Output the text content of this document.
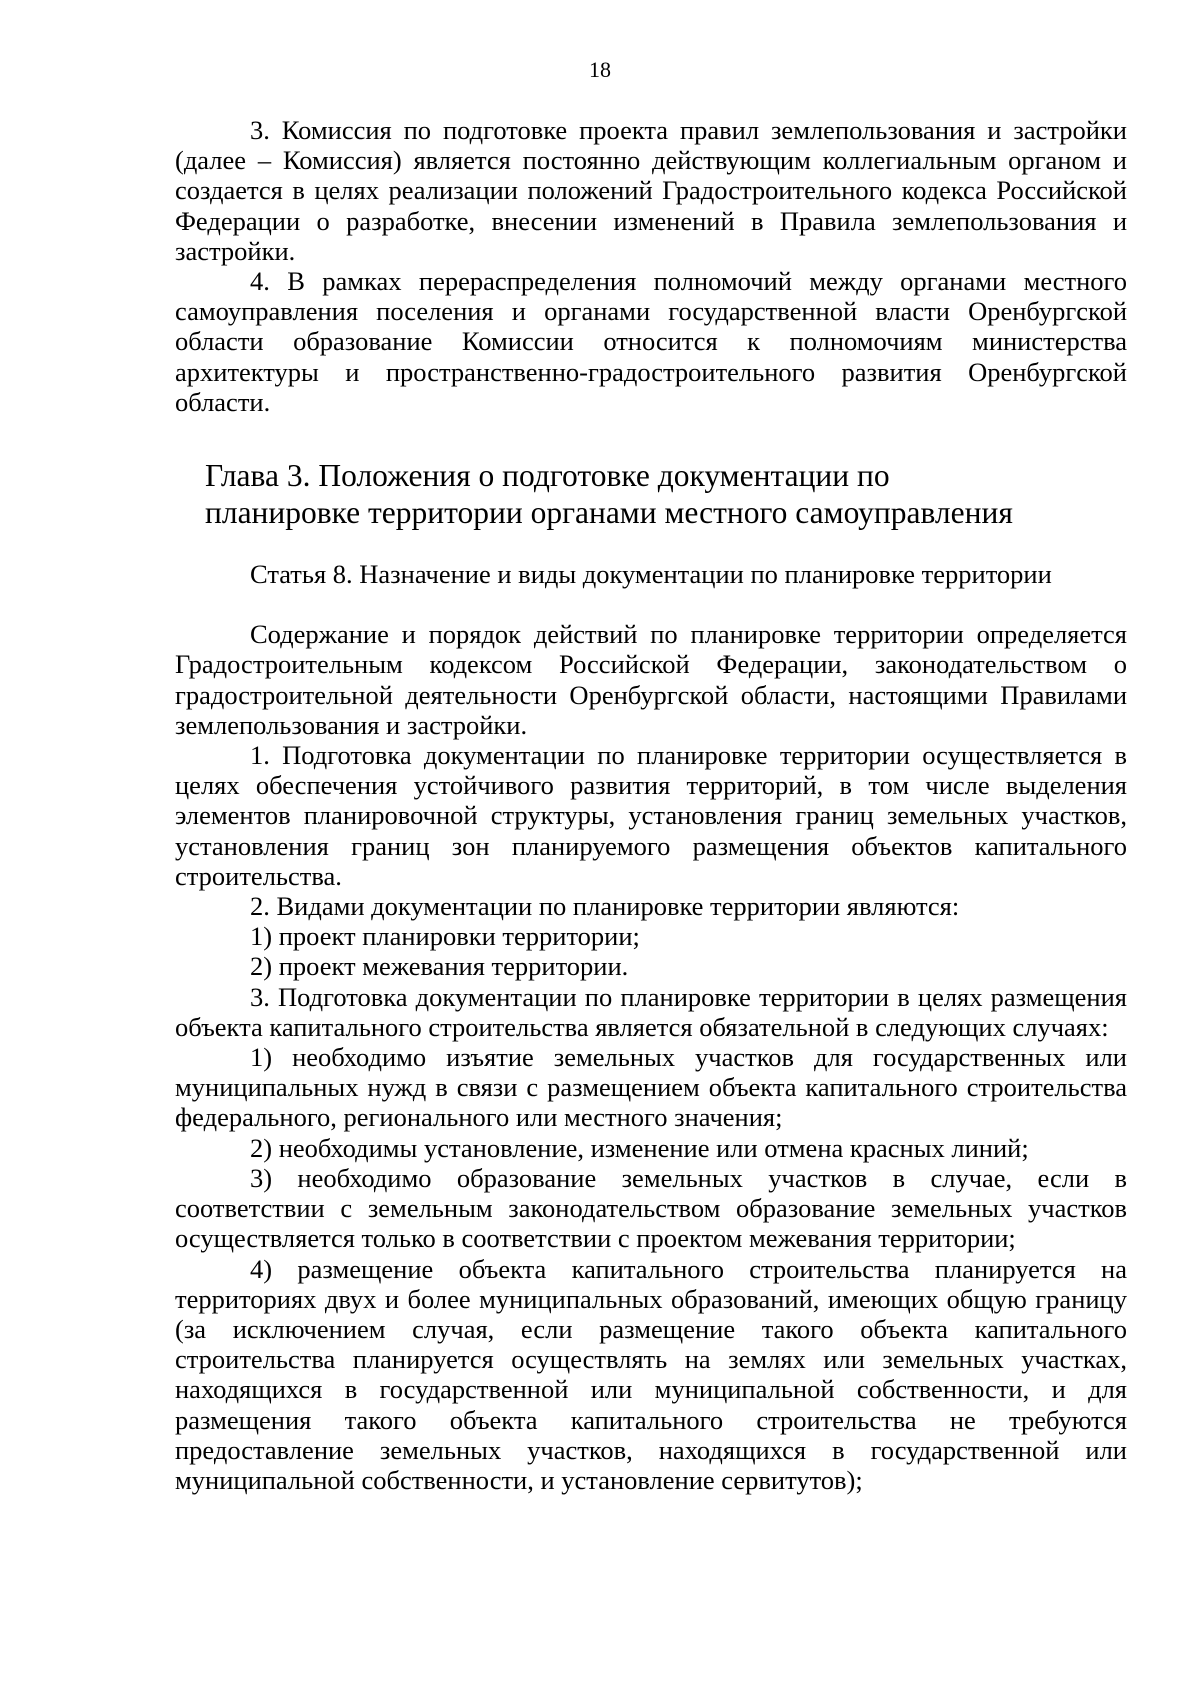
18

3. Комиссия по подготовке проекта правил землепользования и застройки (далее – Комиссия) является постоянно действующим коллегиальным органом и создается в целях реализации положений Градостроительного кодекса Российской Федерации о разработке, внесении изменений в Правила землепользования и застройки.

4. В рамках перераспределения полномочий между органами местного самоуправления поселения и органами государственной власти Оренбургской области образование Комиссии относится к полномочиям министерства архитектуры и пространственно-градостроительного развития Оренбургской области.

Глава 3. Положения о подготовке документации по
планировке территории органами местного самоуправления

Статья 8. Назначение и виды документации по планировке территории

Содержание и порядок действий по планировке территории определяется Градостроительным кодексом Российской Федерации, законодательством о градостроительной деятельности Оренбургской области, настоящими Правилами землепользования и застройки.

1. Подготовка документации по планировке территории осуществляется в целях обеспечения устойчивого развития территорий, в том числе выделения элементов планировочной структуры, установления границ земельных участков, установления границ зон планируемого размещения объектов капитального строительства.

2. Видами документации по планировке территории являются:

1) проект планировки территории;

2) проект межевания территории.

3. Подготовка документации по планировке территории в целях размещения объекта капитального строительства является обязательной в следующих случаях:

1) необходимо изъятие земельных участков для государственных или муниципальных нужд в связи с размещением объекта капитального строительства федерального, регионального или местного значения;

2) необходимы установление, изменение или отмена красных линий;

3) необходимо образование земельных участков в случае, если в соответствии с земельным законодательством образование земельных участков осуществляется только в соответствии с проектом межевания территории;

4) размещение объекта капитального строительства планируется на территориях двух и более муниципальных образований, имеющих общую границу (за исключением случая, если размещение такого объекта капитального строительства планируется осуществлять на землях или земельных участках, находящихся в государственной или муниципальной собственности, и для размещения такого объекта капитального строительства не требуются предоставление земельных участков, находящихся в государственной или муниципальной собственности, и установление сервитутов);
